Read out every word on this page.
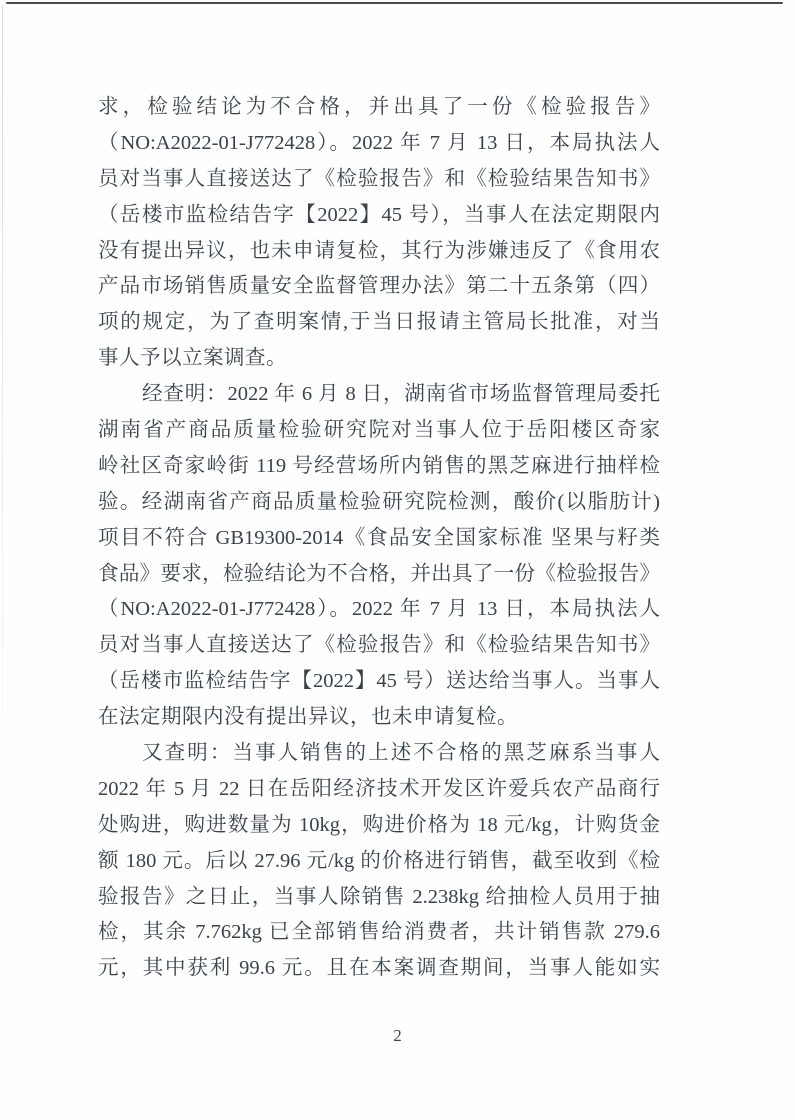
求，检验结论为不合格，并出具了一份《检验报告》
（NO:A2022-01-J772428）。2022 年 7 月 13 日，本局执法人
员对当事人直接送达了《检验报告》和《检验结果告知书》
（岳楼市监检结告字【2022】45 号），当事人在法定期限内
没有提出异议，也未申请复检，其行为涉嫌违反了《食用农
产品市场销售质量安全监督管理办法》第二十五条第（四）
项的规定，为了查明案情,于当日报请主管局长批准，对当
事人予以立案调查。
经查明：2022 年 6 月 8 日，湖南省市场监督管理局委托
湖南省产商品质量检验研究院对当事人位于岳阳楼区奇家
岭社区奇家岭街 119 号经营场所内销售的黑芝麻进行抽样检
验。经湖南省产商品质量检验研究院检测，酸价(以脂肪计)
项目不符合 GB19300-2014《食品安全国家标准 坚果与籽类
食品》要求，检验结论为不合格，并出具了一份《检验报告》
（NO:A2022-01-J772428）。2022 年 7 月 13 日，本局执法人
员对当事人直接送达了《检验报告》和《检验结果告知书》
（岳楼市监检结告字【2022】45 号）送达给当事人。当事人
在法定期限内没有提出异议，也未申请复检。
又查明：当事人销售的上述不合格的黑芝麻系当事人
2022 年 5 月 22 日在岳阳经济技术开发区许爱兵农产品商行
处购进，购进数量为 10kg，购进价格为 18 元/kg，计购货金
额 180 元。后以 27.96 元/kg 的价格进行销售，截至收到《检
验报告》之日止，当事人除销售 2.238kg 给抽检人员用于抽
检，其余 7.762kg 已全部销售给消费者，共计销售款 279.6
元，其中获利 99.6 元。且在本案调查期间，当事人能如实
2
